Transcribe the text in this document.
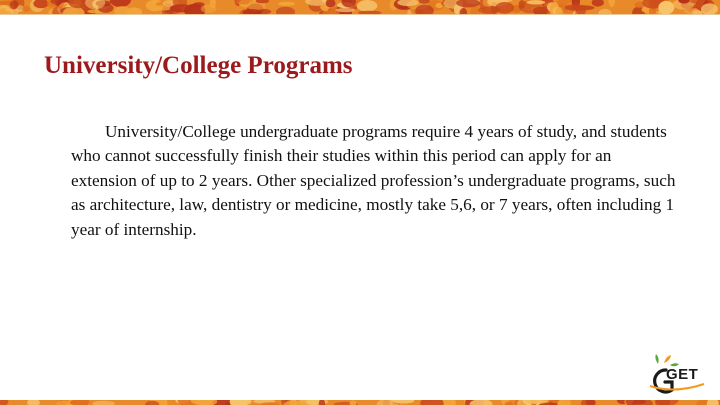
University/College Programs

University/College undergraduate programs require 4 years of study, and students who cannot successfully finish their studies within this period can apply for an extension of up to 2 years. Other specialized profession’s undergraduate programs, such as architecture, law, dentistry or medicine, mostly take 5,6, or 7 years, often including 1 year of internship.

GET
